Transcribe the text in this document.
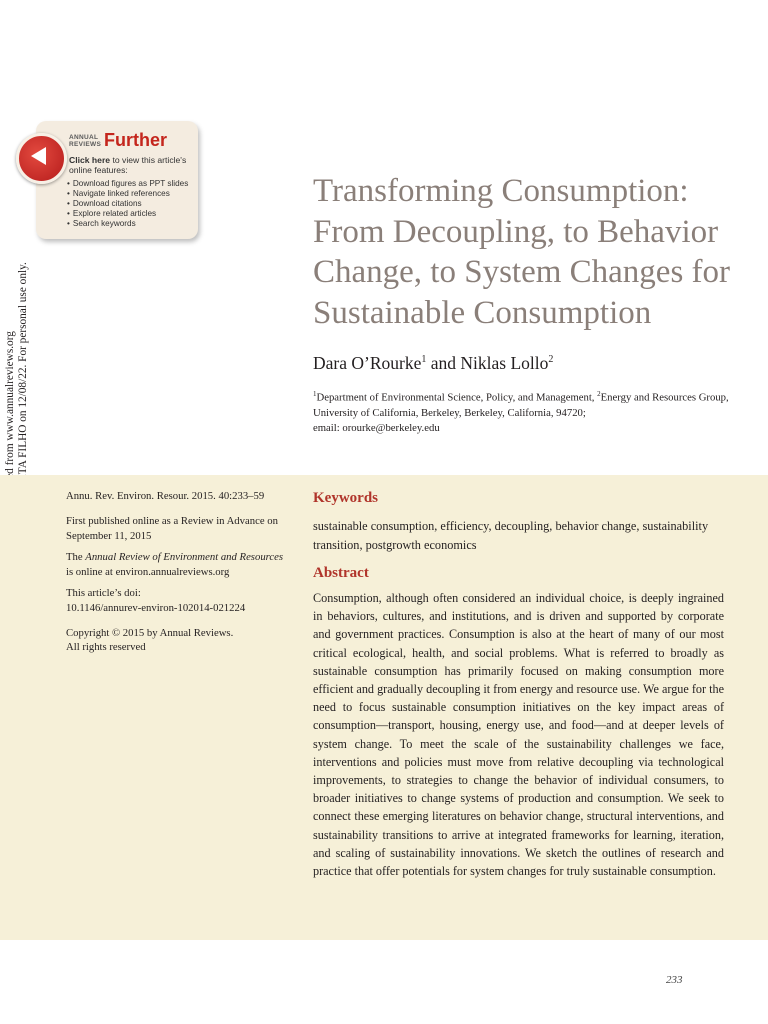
ANNUAL REVIEWS Further
Click here to view this article's online features:
• Download figures as PPT slides
• Navigate linked references
• Download citations
• Explore related articles
• Search keywords
Transforming Consumption:
From Decoupling, to Behavior
Change, to System Changes for
Sustainable Consumption
Dara O’Rourke$^1$ and Niklas Lollo$^2$
$^1$Department of Environmental Science, Policy, and Management, $^2$Energy and Resources Group, University of California, Berkeley, Berkeley, California, 94720;
email: orourke@berkeley.edu
Annu. Rev. Environ. Resour. 2015. 40:233–59
First published online as a Review in Advance on September 11, 2015
The Annual Review of Environment and Resources is online at environ.annualreviews.org
This article’s doi:
10.1146/annurev-environ-102014-021224
Copyright © 2015 by Annual Reviews.
All rights reserved
Keywords
sustainable consumption, efficiency, decoupling, behavior change, sustainability transition, postgrowth economics
Abstract
Consumption, although often considered an individual choice, is deeply ingrained in behaviors, cultures, and institutions, and is driven and supported by corporate and government practices. Consumption is also at the heart of many of our most critical ecological, health, and social problems. What is referred to broadly as sustainable consumption has primarily focused on making consumption more efficient and gradually decoupling it from energy and resource use. We argue for the need to focus sustainable consumption initiatives on the key impact areas of consumption—transport, housing, energy use, and food—and at deeper levels of system change. To meet the scale of the sustainability challenges we face, interventions and policies must move from relative decoupling via technological improvements, to strategies to change the behavior of individual consumers, to broader initiatives to change systems of production and consumption. We seek to connect these emerging literatures on behavior change, structural interventions, and sustainability transitions to arrive at integrated frameworks for learning, iteration, and scaling of sustainability innovations. We sketch the outlines of research and practice that offer potentials for system changes for truly sustainable consumption.
233
